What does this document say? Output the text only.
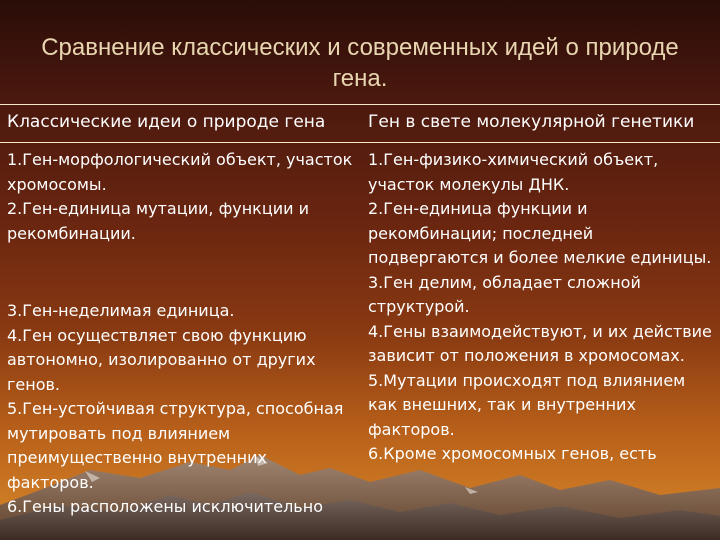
Сравнение классических и современных идей о природе гена.
Классические идеи о природе гена	Ген в свете молекулярной генетики

1.Ген-морфологический объект, участок хромосомы.

2.Ген-единица мутации, функции и рекомбинации.

3.Ген-неделимая единица.

4.Ген осуществляет свою функцию автономно, изолированно от других генов.

5.Ген-устойчивая структура, способная мутировать под влиянием преимущественно внутренних факторов.

6.Гены расположены исключительно

1.Ген-физико-химический объект, участок молекулы ДНК.

2.Ген-единица функции и рекомбинации; последней подвергаются и более мелкие единицы.

3.Ген делим, обладает сложной структурой.

4.Гены взаимодействуют, и их действие зависит от положения в хромосомах.

5.Мутации происходят под влиянием как внешних, так и внутренних факторов.

6.Кроме хромосомных генов, есть
